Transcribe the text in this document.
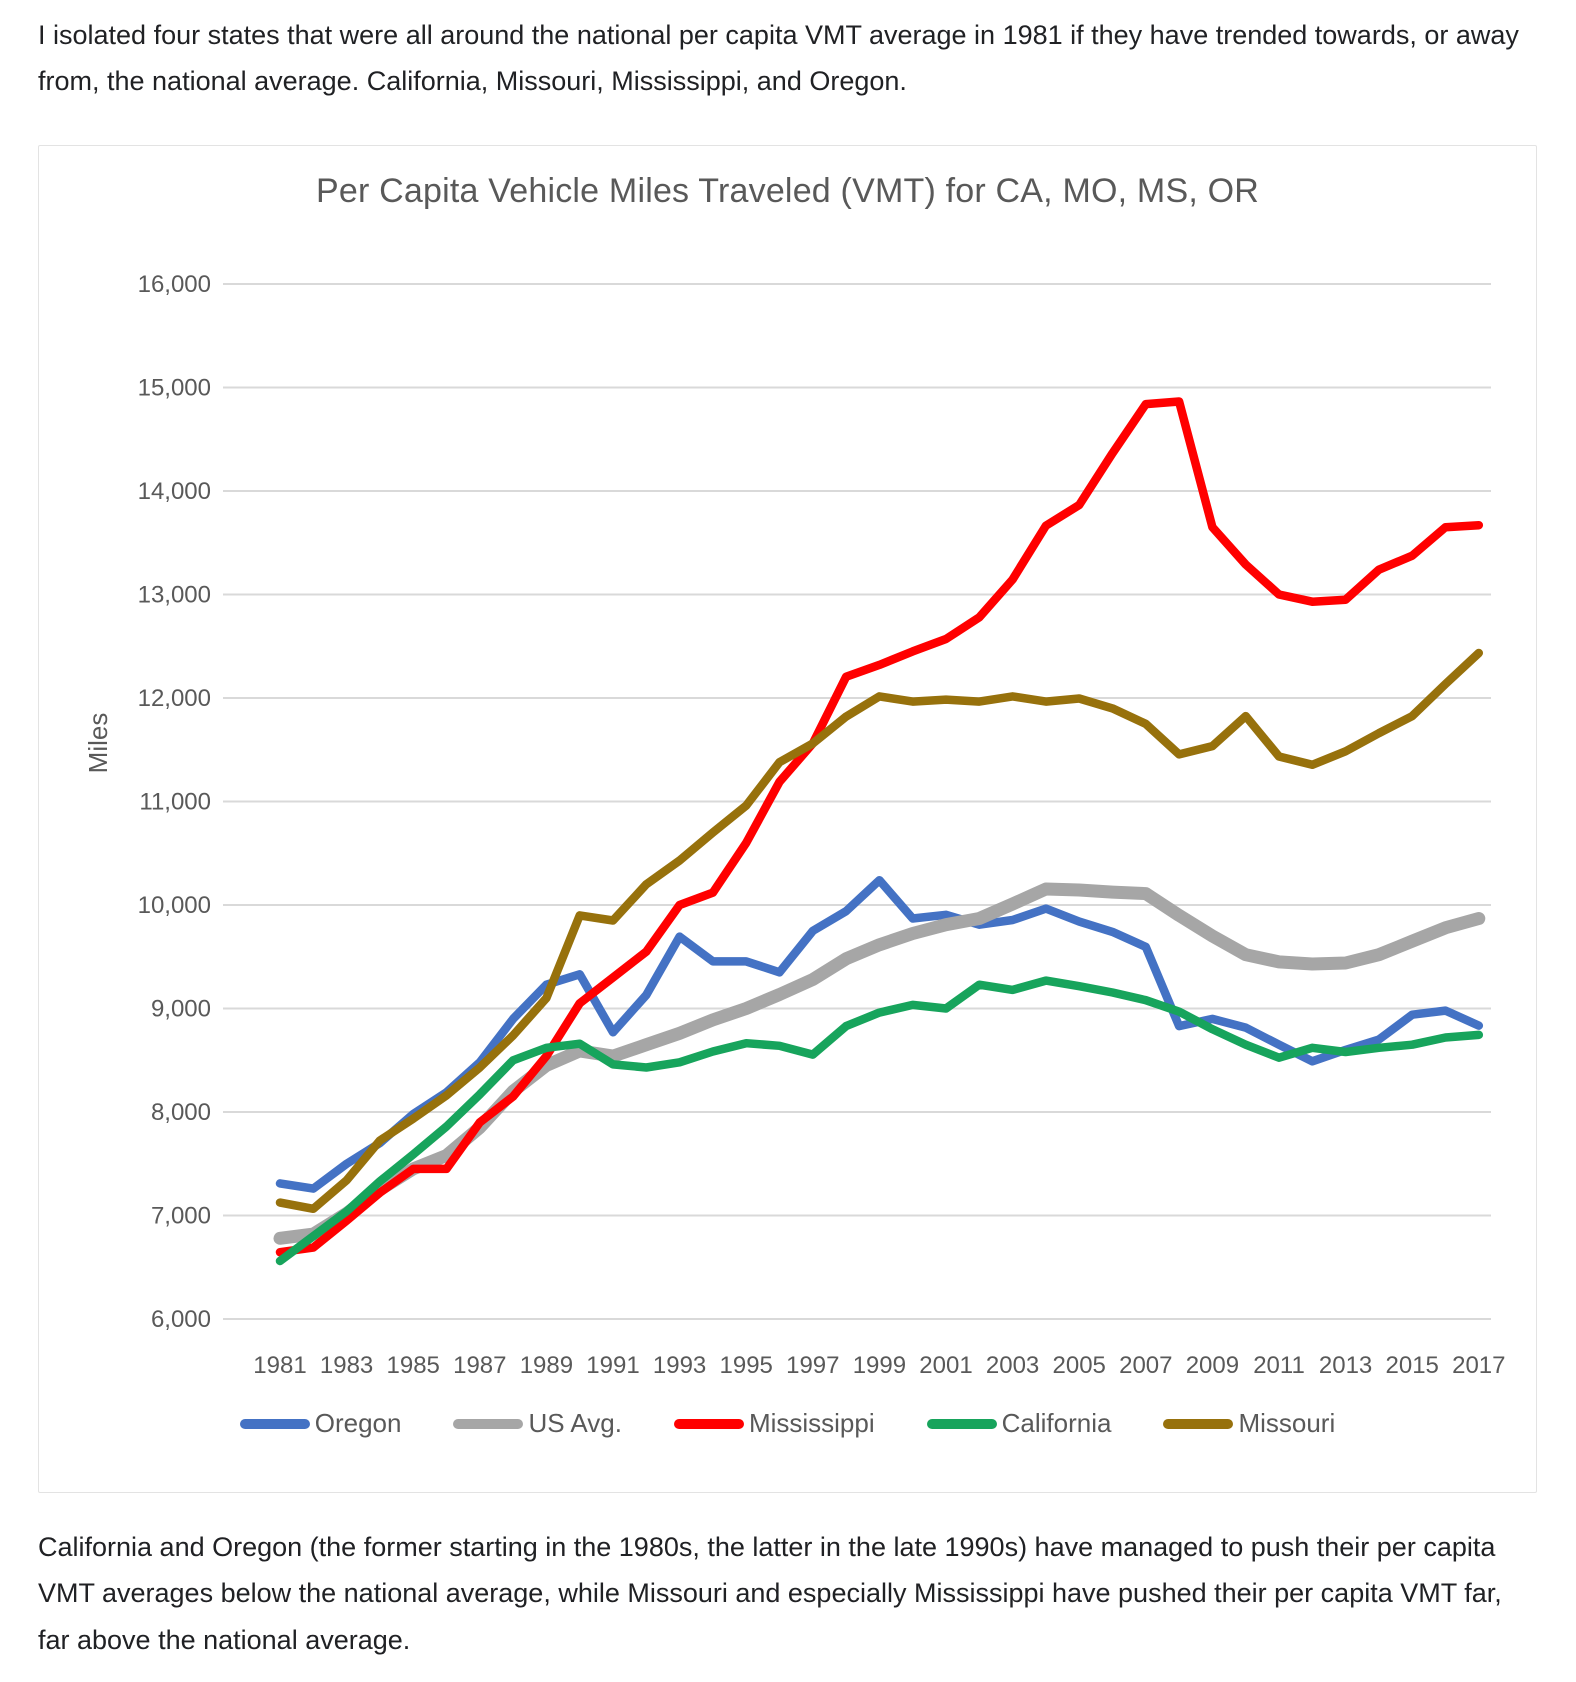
I isolated four states that were all around the national per capita VMT average in 1981 if they have trended towards, or away from, the national average. California, Missouri, Mississippi, and Oregon.

Per Capita Vehicle Miles Traveled (VMT) for CA, MO, MS, OR
Miles
16,000
15,000
14,000
13,000
12,000
11,000
10,000
9,000
8,000
7,000
6,000
1981 1983 1985 1987 1989 1991 1993 1995 1997 1999 2001 2003 2005 2007 2009 2011 2013 2015 2017
Oregon	US Avg.	Mississippi	California	Missouri

California and Oregon (the former starting in the 1980s, the latter in the late 1990s) have managed to push their per capita VMT averages below the national average, while Missouri and especially Mississippi have pushed their per capita VMT far, far above the national average.
